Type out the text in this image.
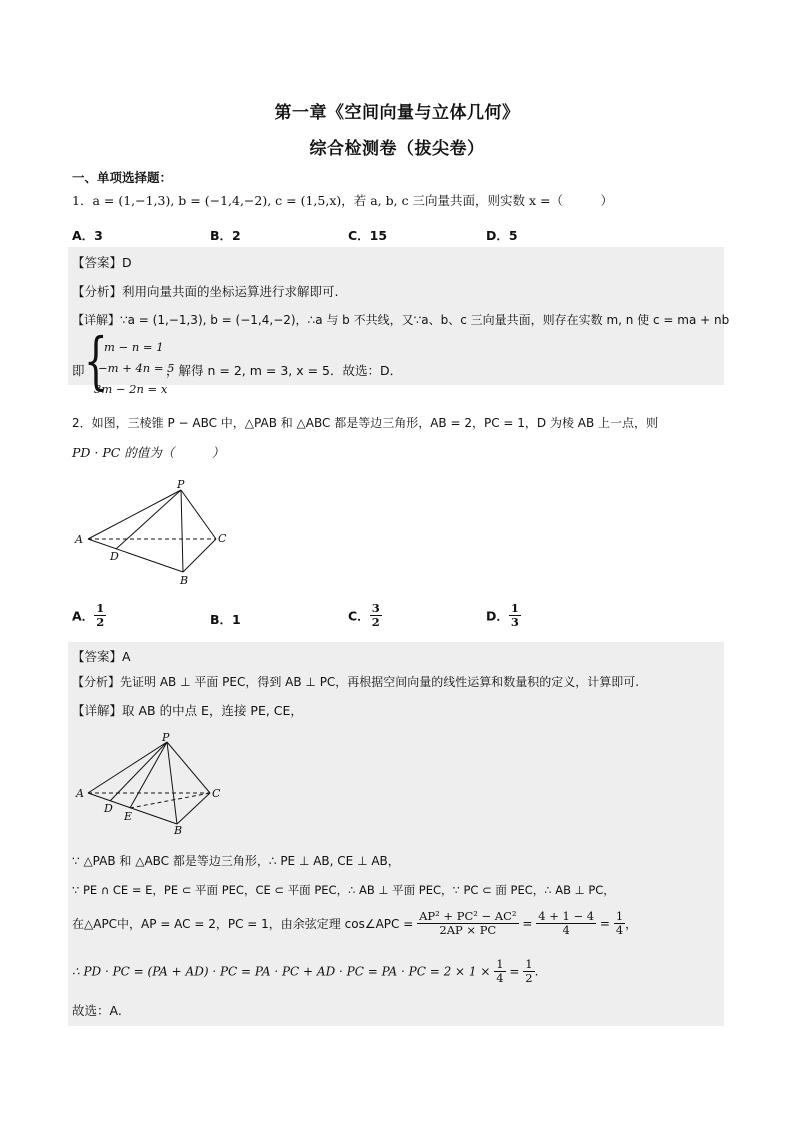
第一章《空间向量与立体几何》
综合检测卷（拔尖卷）
一、单项选择题：
1．a = (1,−1,3), b = (−1,4,−2), c = (1,5,x)，若 a, b, c 三向量共面，则实数 x =（　　　）
A．3	B．2	C．15	D．5
【答案】D
【分析】利用向量共面的坐标运算进行求解即可.
【详解】∵a = (1,−1,3), b = (−1,4,−2)，∴a 与 b 不共线，又∵a、b、c 三向量共面，则存在实数 m, n 使 c = ma + nb
即 {
m − n = 1
−m + 4n = 5
3m − 2n = x
，解得 n = 2, m = 3, x = 5．故选：D．
2．如图，三棱锥 P − ABC 中，△PAB 和 △ABC 都是等边三角形，AB = 2，PC = 1，D 为棱 AB 上一点，则
PD · PC 的值为（　　　）
P
A
D
B
C
A． $\frac{1}{2}$	B．1	C． $\frac{3}{2}$	D． $\frac{1}{3}$
【答案】A
【分析】先证明 AB ⊥ 平面 PEC，得到 AB ⊥ PC，再根据空间向量的线性运算和数量积的定义，计算即可.
【详解】取 AB 的中点 E，连接 PE, CE，
P
A
D
E
B
C
∵ △PAB 和 △ABC 都是等边三角形，∴ PE ⊥ AB, CE ⊥ AB，
∵ PE ∩ CE = E，PE ⊂ 平面 PEC，CE ⊂ 平面 PEC，∴ AB ⊥ 平面 PEC，∵ PC ⊂ 面 PEC，∴ AB ⊥ PC，
在△APC中，AP = AC = 2，PC = 1，由余弦定理 cos∠APC = $\frac{\text{AP² + PC² − AC²}}{2AP \times PC} = \frac{4 + 1 - 4}{4} = \frac{1}{4}$ ，
∴ PD · PC = (PA + AD) · PC = PA · PC + AD · PC = PA · PC = $2 \times 1 \times \frac{1}{4} = \frac{1}{2}$ .
故选：A.
